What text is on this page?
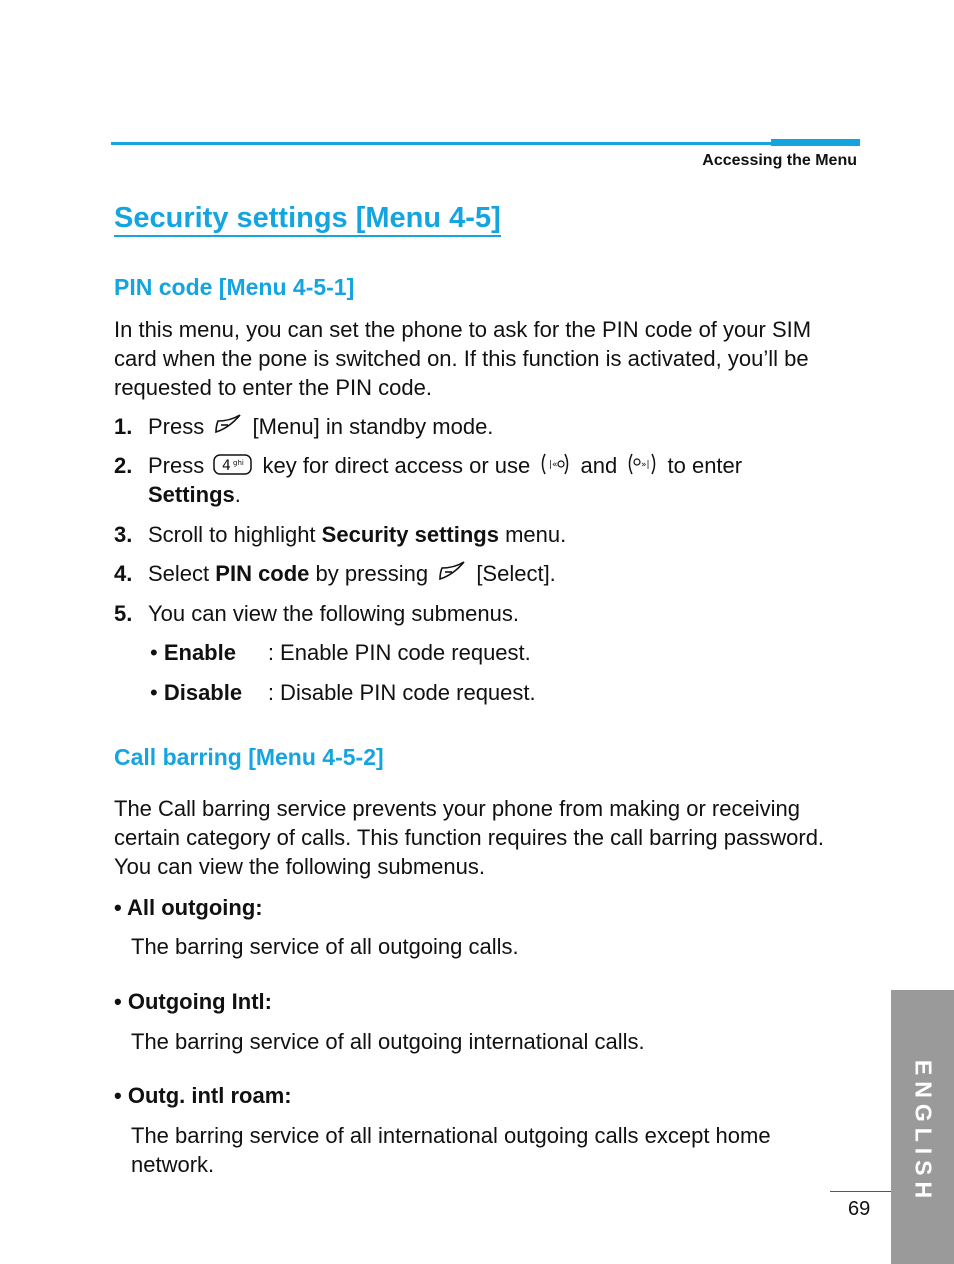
Accessing the Menu
Security settings [Menu 4-5]
PIN code [Menu 4-5-1]

In this menu, you can set the phone to ask for the PIN code of your SIM card when the pone is switched on. If this function is activated, you’ll be requested to enter the PIN code.

1. Press [Menu] in standby mode.
2. Press 4 ghi key for direct access or use |« and	»| to enter
Settings.
3. Scroll to highlight Security settings menu.
4. Select PIN code by pressing [Select].
5. You can view the following submenus.
• Enable : Enable PIN code request.
• Disable : Disable PIN code request.
Call barring [Menu 4-5-2]

The Call barring service prevents your phone from making or receiving certain category of calls. This function requires the call barring password. You can view the following submenus.

• All outgoing:
The barring service of all outgoing calls.
• Outgoing Intl:
The barring service of all outgoing international calls.
• Outg. intl roam:
The barring service of all international outgoing calls except home network.	ENGLISH
69
